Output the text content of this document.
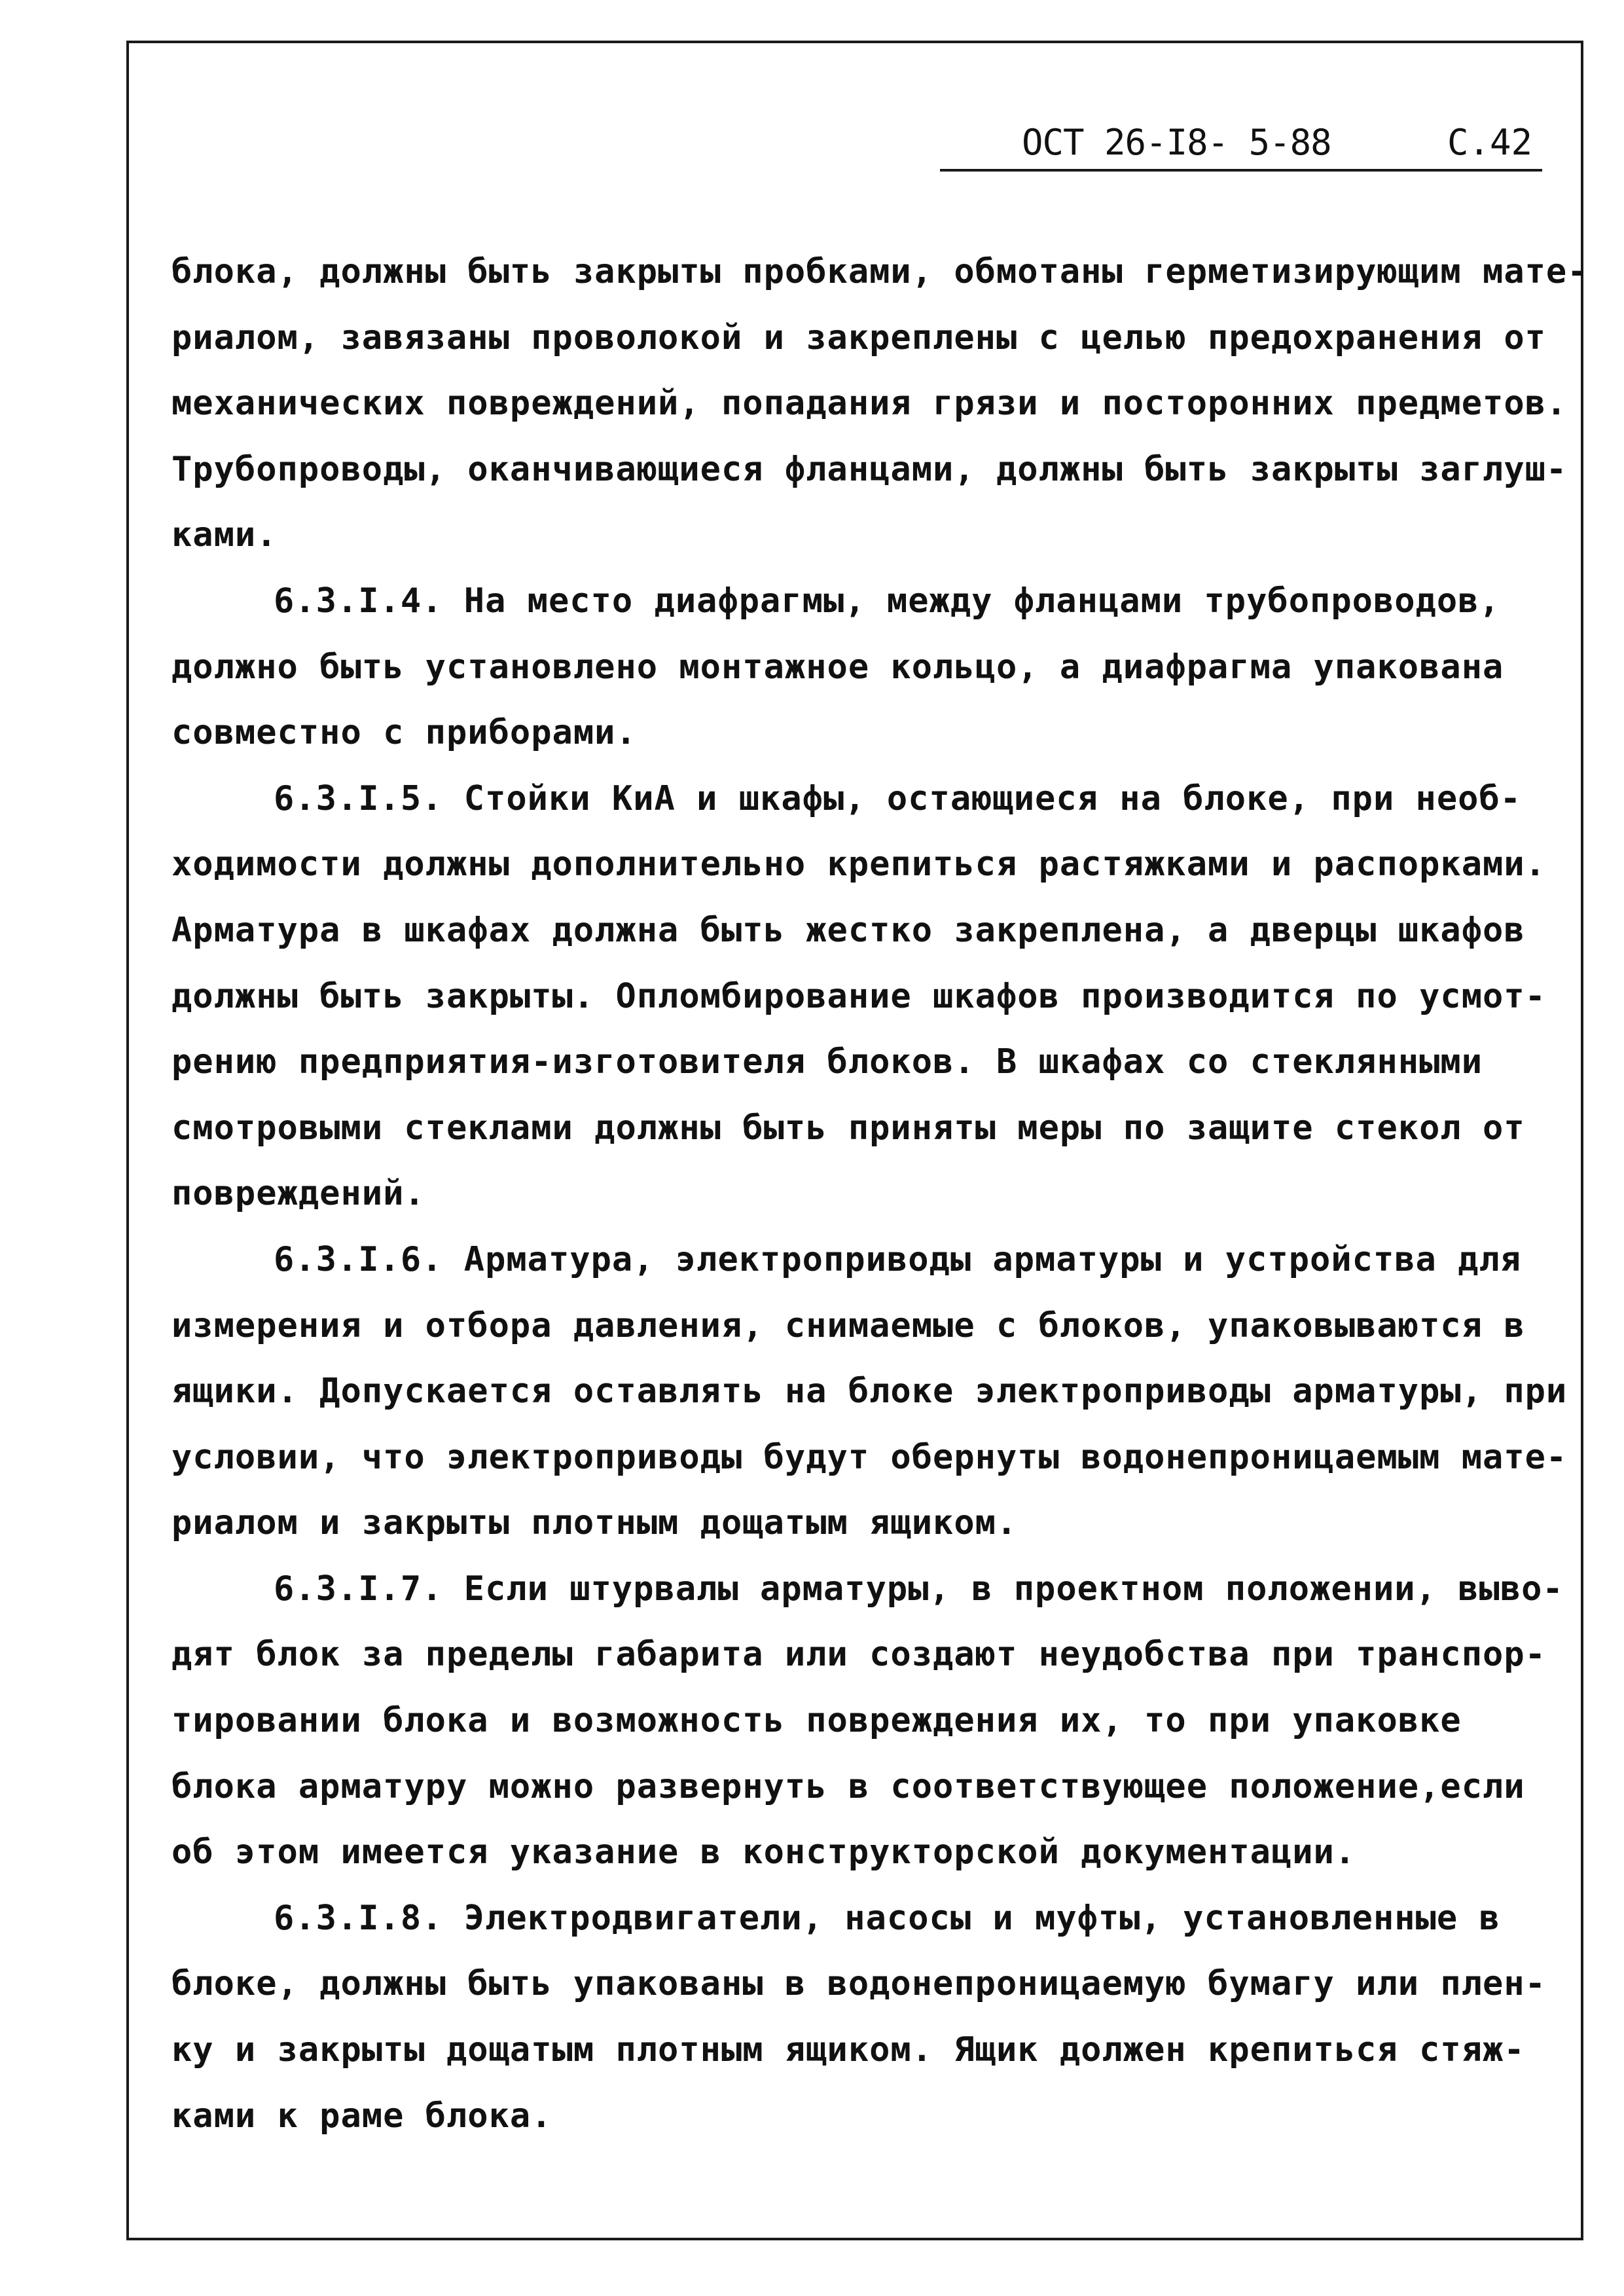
ОСТ 26-I8- 5-88	С.42
блока, должны быть закрыты пробками, обмотаны герметизирующим мате-
риалом, завязаны проволокой и закреплены с целью предохранения от
механических повреждений, попадания грязи и посторонних предметов.
Трубопроводы, оканчивающиеся фланцами, должны быть закрыты заглуш-
ками.
6.3.I.4. На место диафрагмы, между фланцами трубопроводов,
должно быть установлено монтажное кольцо, а диафрагма упакована
совместно с приборами.
6.3.I.5. Стойки КиА и шкафы, остающиеся на блоке, при необ-
ходимости должны дополнительно крепиться растяжками и распорками.
Арматура в шкафах должна быть жестко закреплена, а дверцы шкафов
должны быть закрыты. Опломбирование шкафов производится по усмот-
рению предприятия-изготовителя блоков. В шкафах со стеклянными
смотровыми стеклами должны быть приняты меры по защите стекол от
повреждений.
6.3.I.6. Арматура, электроприводы арматуры и устройства для
измерения и отбора давления, снимаемые с блоков, упаковываются в
ящики. Допускается оставлять на блоке электроприводы арматуры, при
условии, что электроприводы будут обернуты водонепроницаемым мате-
риалом и закрыты плотным дощатым ящиком.
6.3.I.7. Если штурвалы арматуры, в проектном положении, выво-
дят блок за пределы габарита или создают неудобства при транспор-
тировании блока и возможность повреждения их, то при упаковке
блока арматуру можно развернуть в соответствующее положение,если
об этом имеется указание в конструкторской документации.
6.3.I.8. Электродвигатели, насосы и муфты, установленные в
блоке, должны быть упакованы в водонепроницаемую бумагу или плен-
ку и закрыты дощатым плотным ящиком. Ящик должен крепиться стяж-
ками к раме блока.
